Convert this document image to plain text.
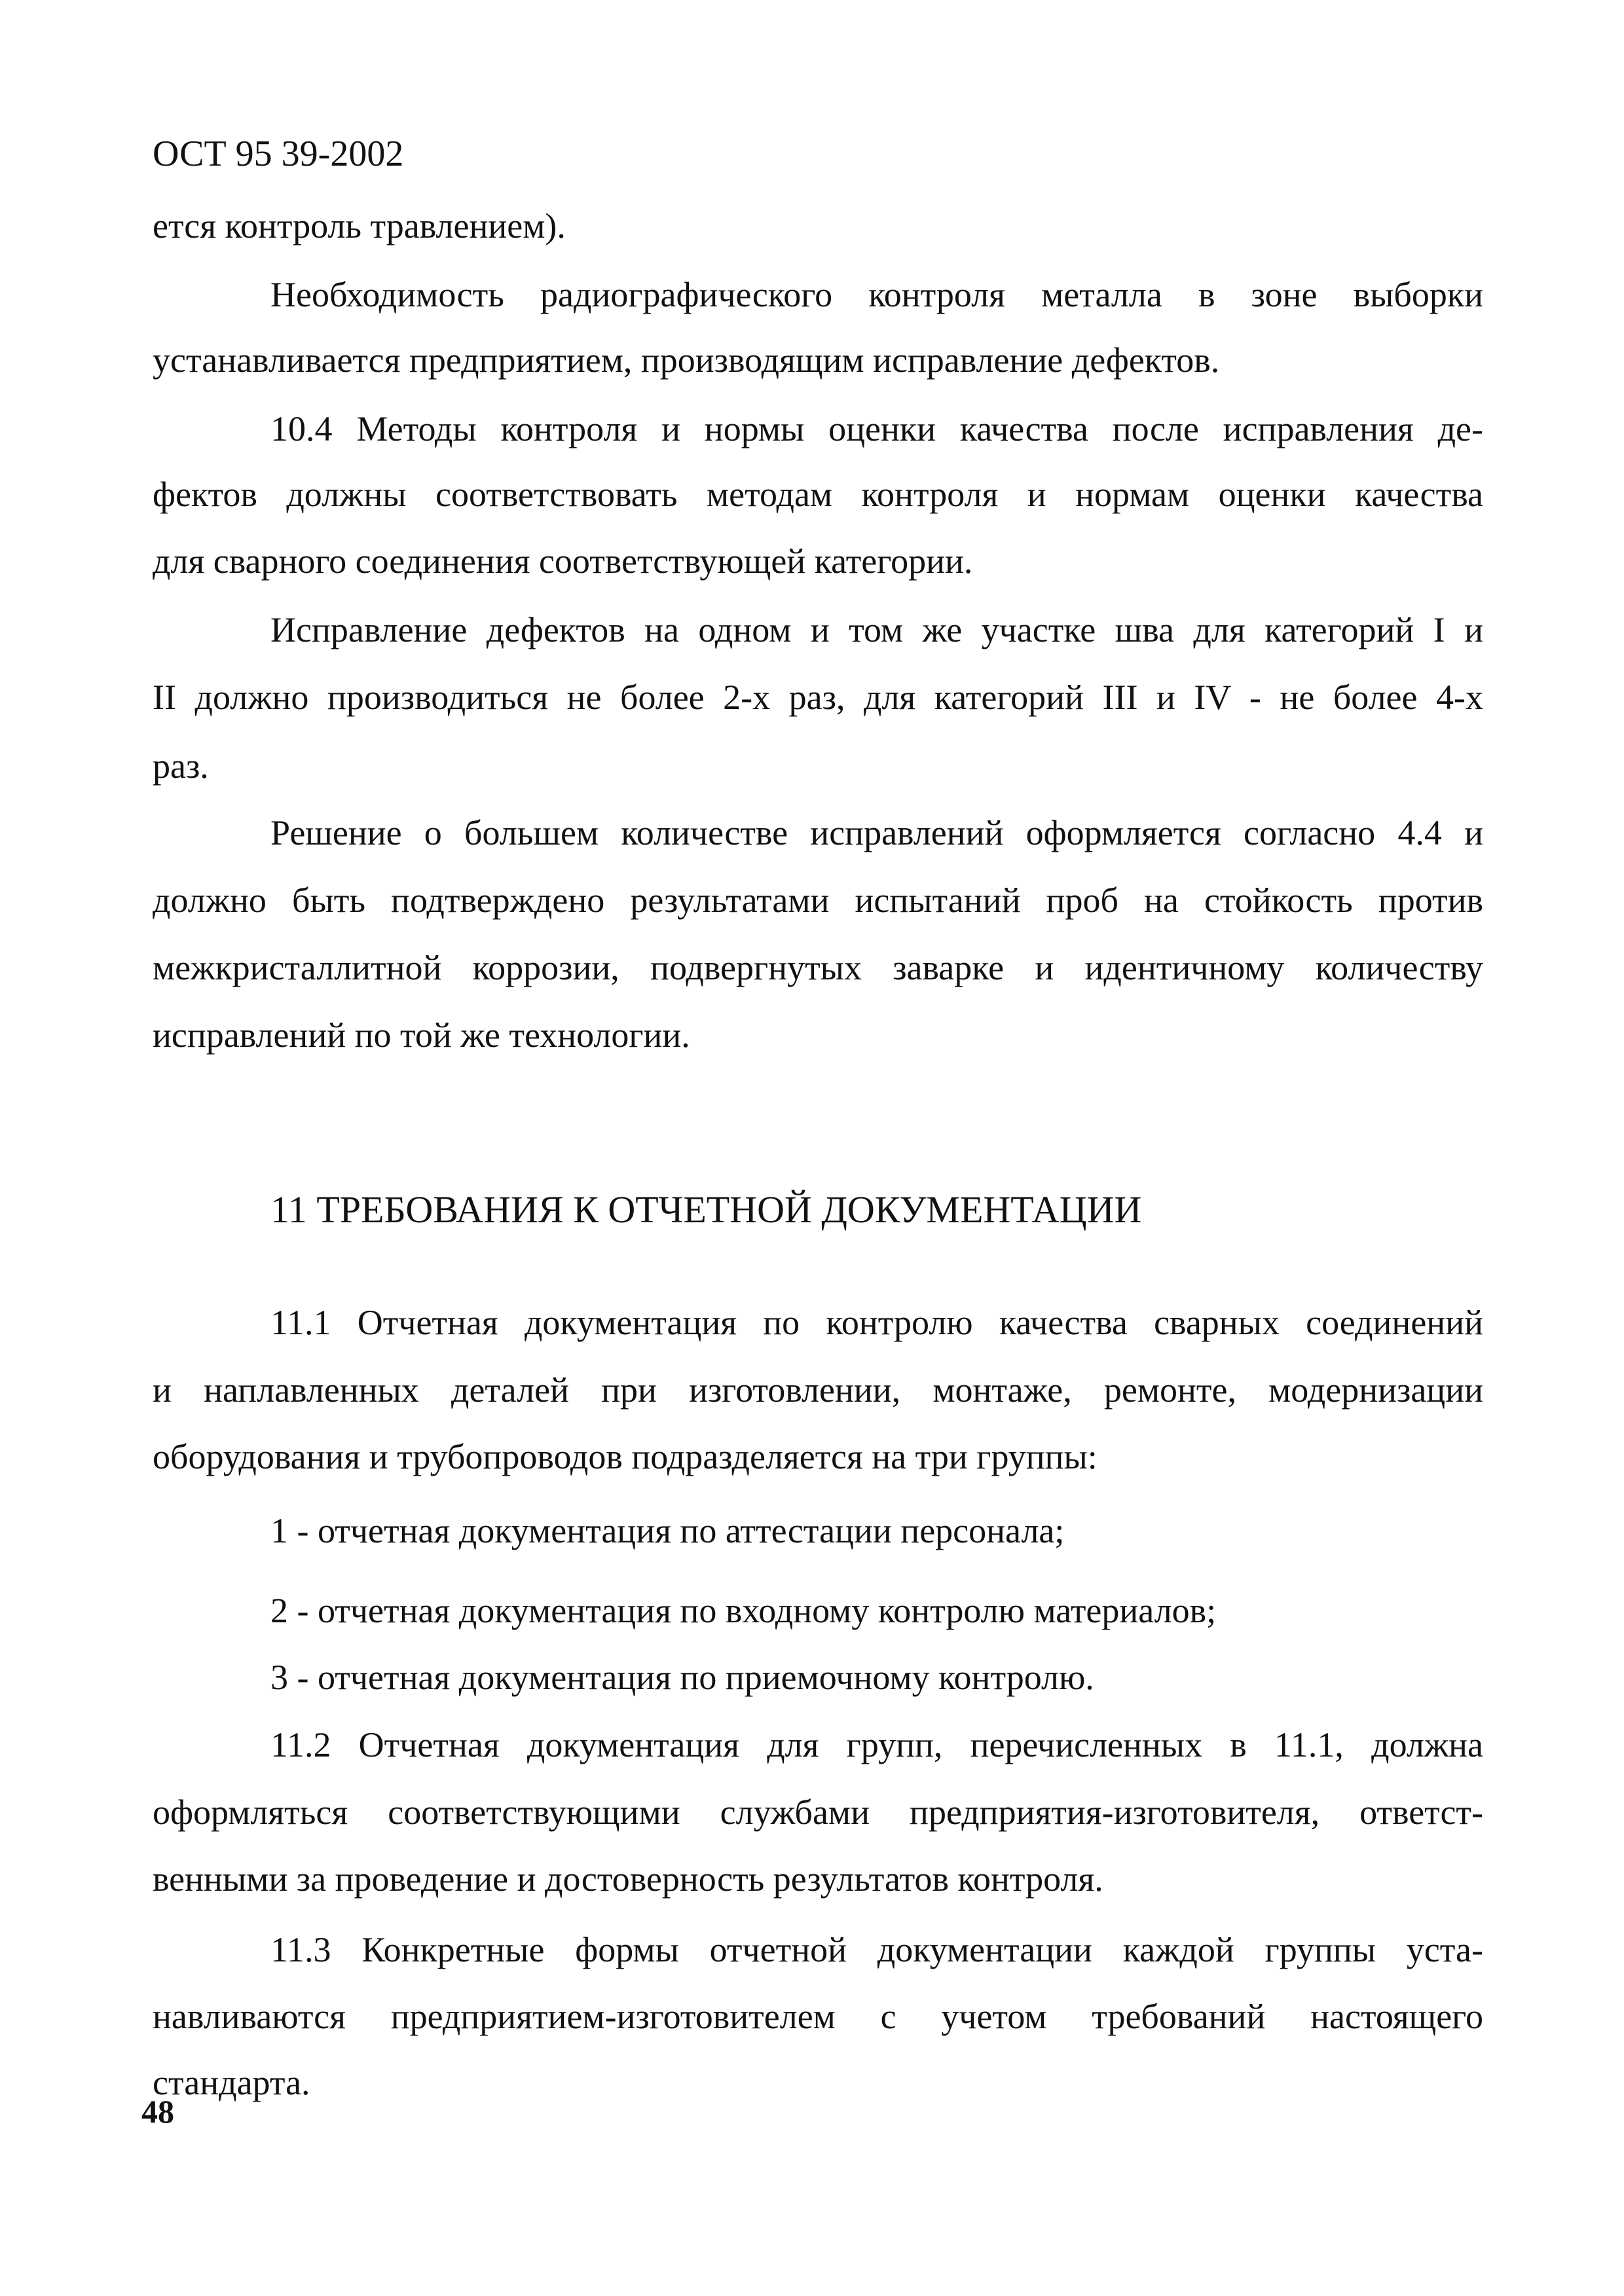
ОСТ 95 39-2002
ется контроль травлением).
Необходимость радиографического контроля металла в зоне выборки
устанавливается предприятием, производящим исправление дефектов.
10.4 Методы контроля и нормы оценки качества после исправления де-
фектов должны соответствовать методам контроля и нормам оценки качества
для сварного соединения соответствующей категории.
Исправление дефектов на одном и том же участке шва для категорий I и
II должно производиться не более 2-х раз, для категорий III и IV - не более 4-х
раз.
Решение о большем количестве исправлений оформляется согласно 4.4 и
должно быть подтверждено результатами испытаний проб на стойкость против
межкристаллитной коррозии, подвергнутых заварке и идентичному количеству
исправлений по той же технологии.
11 ТРЕБОВАНИЯ К ОТЧЕТНОЙ ДОКУМЕНТАЦИИ
11.1 Отчетная документация по контролю качества сварных соединений
и наплавленных деталей при изготовлении, монтаже, ремонте, модернизации
оборудования и трубопроводов подразделяется на три группы:
1 - отчетная документация по аттестации персонала;
2 - отчетная документация по входному контролю материалов;
3 - отчетная документация по приемочному контролю.
11.2 Отчетная документация для групп, перечисленных в 11.1, должна
оформляться соответствующими службами предприятия-изготовителя, ответст-
венными за проведение и достоверность результатов контроля.
11.3 Конкретные формы отчетной документации каждой группы уста-
навливаются предприятием-изготовителем с учетом требований настоящего
стандарта.
48
